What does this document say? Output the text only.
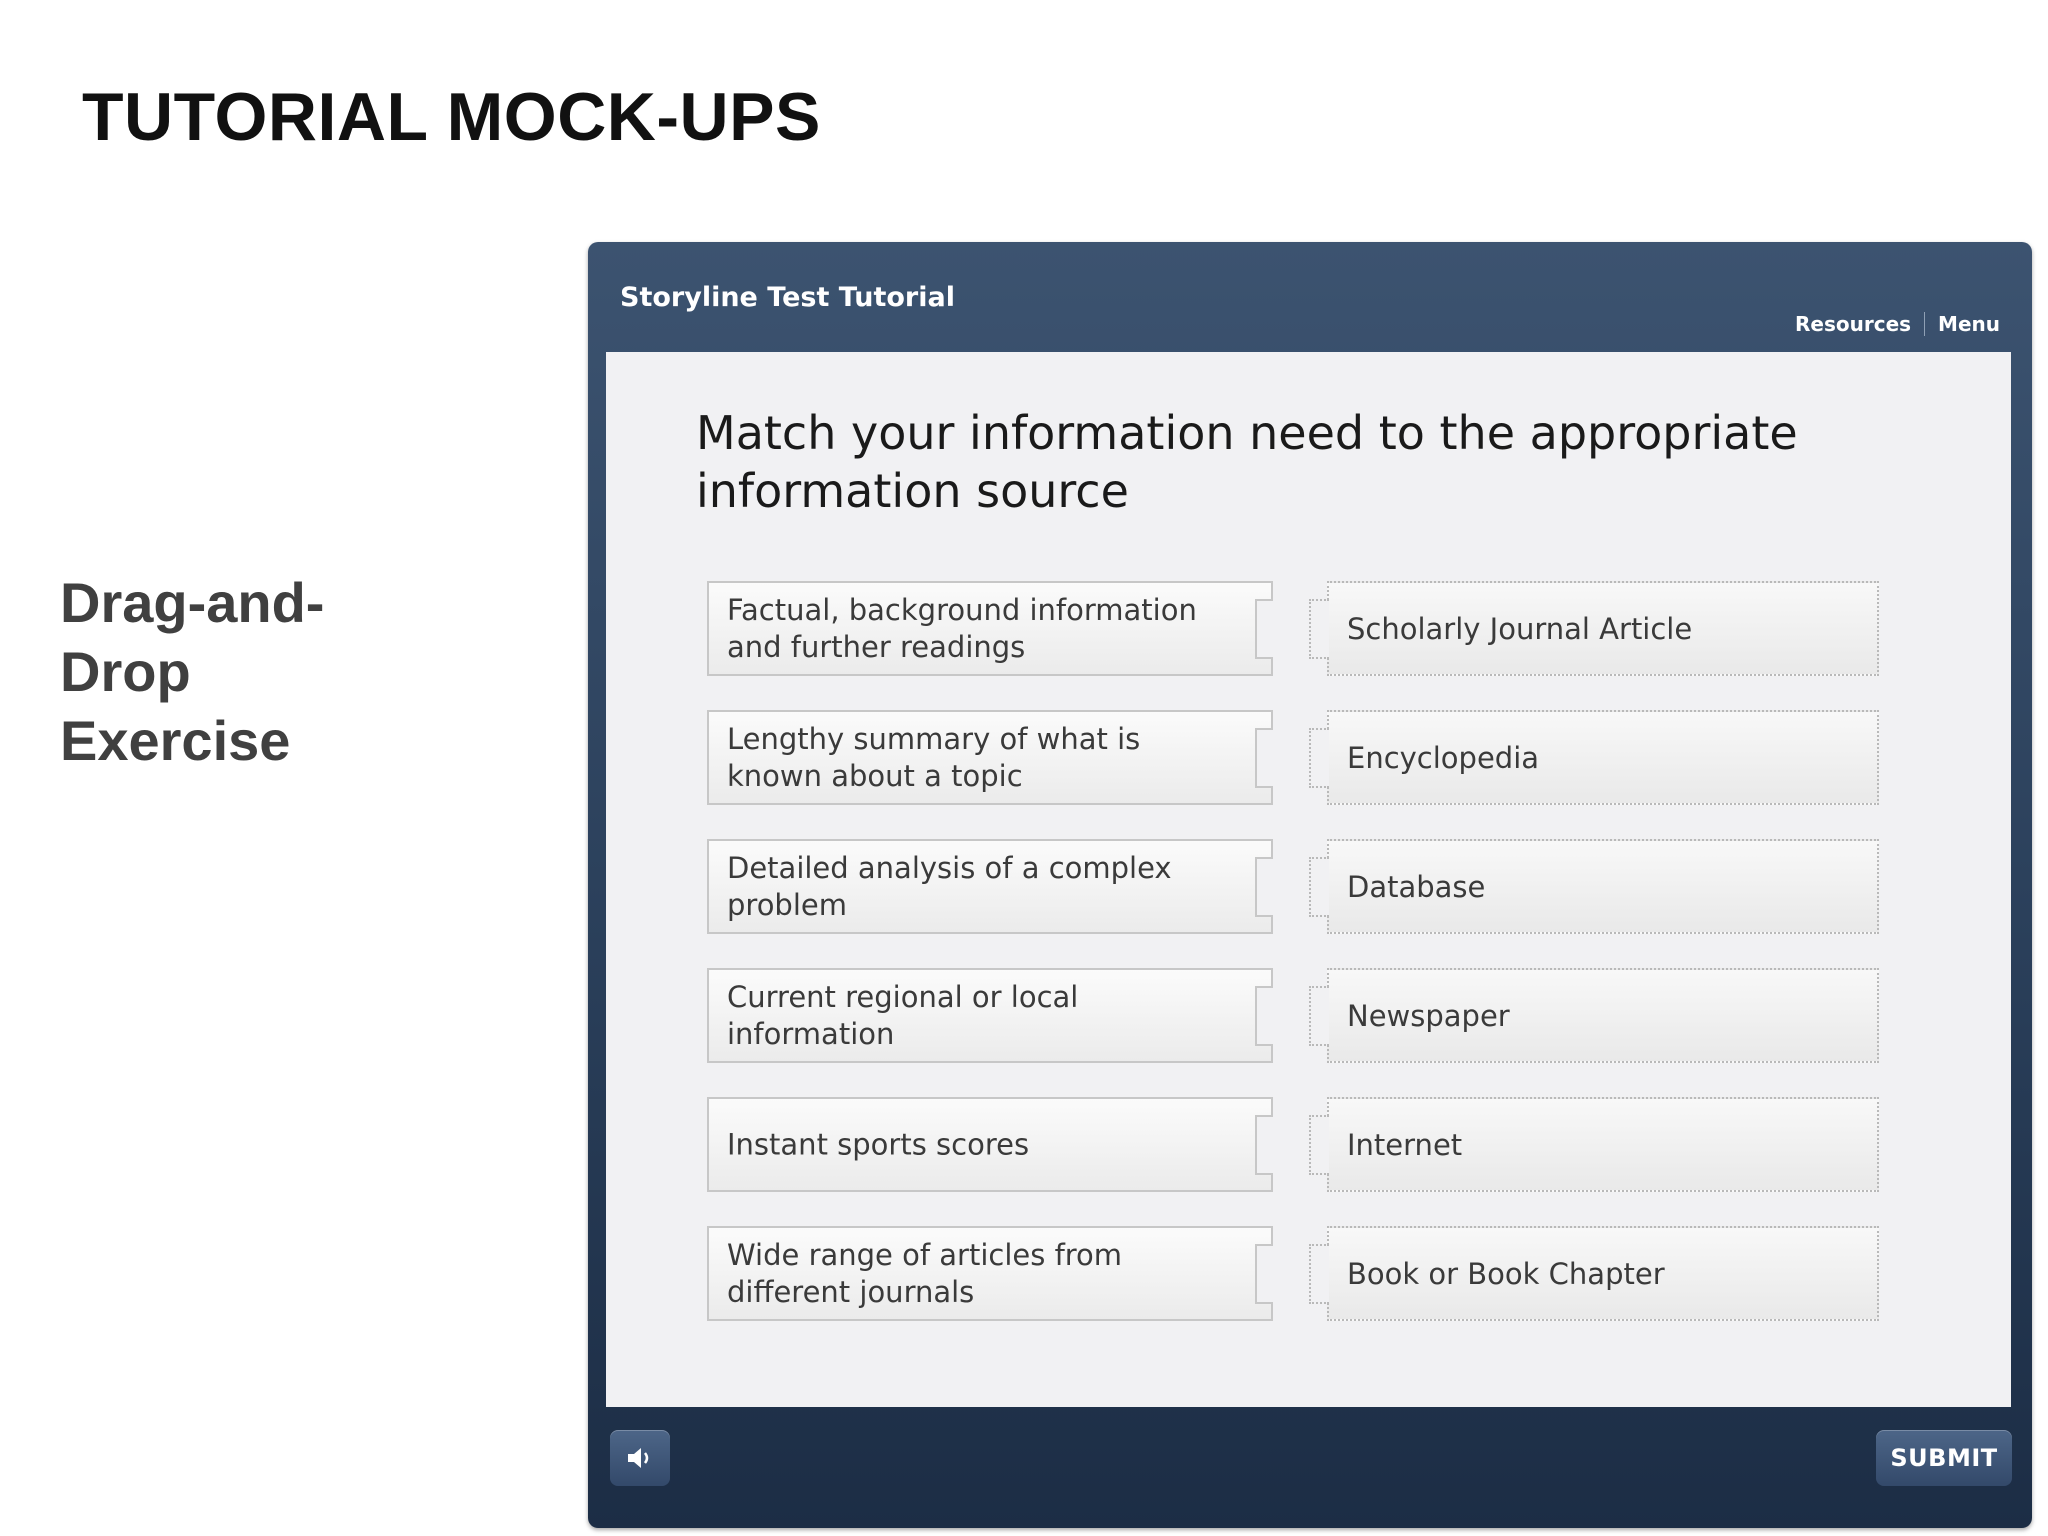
TUTORIAL MOCK-UPS
Drag-and-Drop Exercise
Storyline Test Tutorial
Resources Menu
Match your information need to the appropriate information source
Factual, background information and further readings
Scholarly Journal Article
Lengthy summary of what is known about a topic
Encyclopedia
Detailed analysis of a complex problem
Database
Current regional or local information
Newspaper
Instant sports scores	Internet
Wide range of articles from different journals
Book or Book Chapter
SUBMIT
